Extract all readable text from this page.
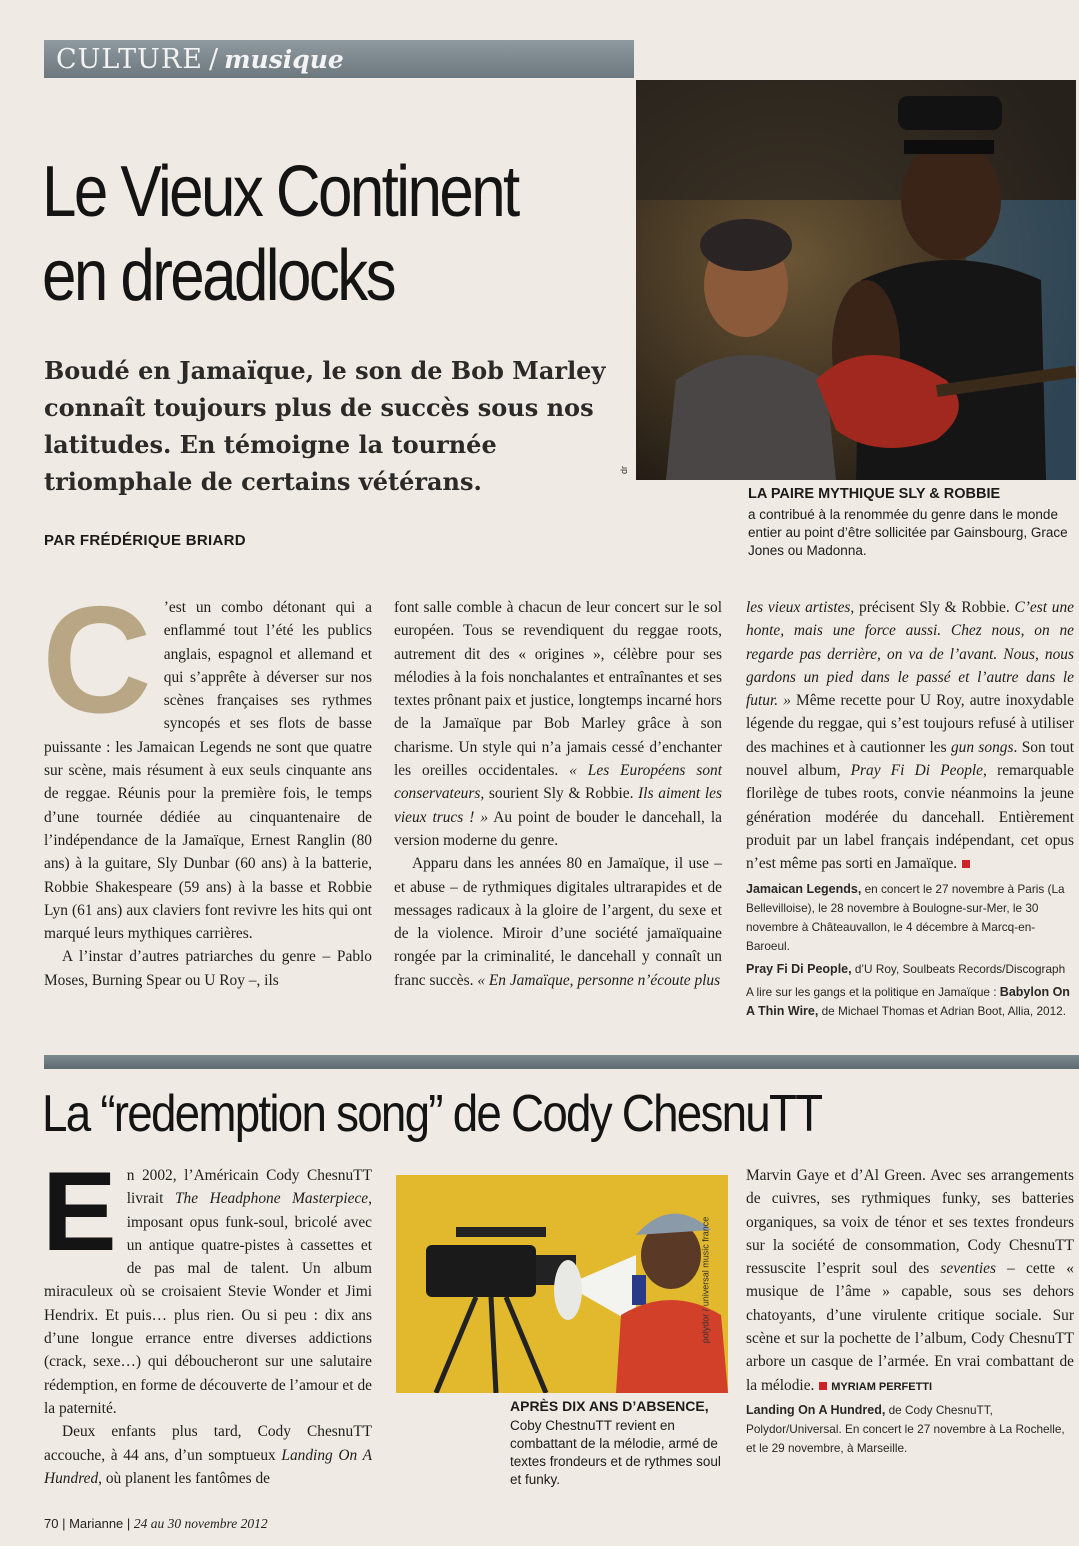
CULTURE / musique
dr
Le Vieux Continent
en dreadlocks
Boudé en Jamaïque, le son de Bob Marley connaît toujours plus de succès sous nos latitudes. En témoigne la tournée triomphale de certains vétérans.
PAR FRÉDÉRIQUE BRIARD
LA PAIRE MYTHIQUE SLY & ROBBIE
a contribué à la renommée du genre dans le monde entier au point d’être sollicitée par Gainsbourg, Grace Jones ou Madonna.

C ’est un combo détonant qui a enflammé tout l’été les publics anglais, espagnol et allemand et qui s’apprête à déverser sur nos scènes françaises ses rythmes syncopés et ses flots de basse puissante : les Jamaican Legends ne sont que quatre sur scène, mais résument à eux seuls cinquante ans de reggae. Réunis pour la première fois, le temps d’une tournée dédiée au cinquantenaire de l’indépendance de la Jamaïque, Ernest Ranglin (80 ans) à la guitare, Sly Dunbar (60 ans) à la batterie, Robbie Shakespeare (59 ans) à la basse et Robbie Lyn (61 ans) aux claviers font revivre les hits qui ont marqué leurs mythiques carrières.

A l’instar d’autres patriarches du genre – Pablo Moses, Burning Spear ou U Roy –, ils

font salle comble à chacun de leur concert sur le sol européen. Tous se revendiquent du reggae roots, autrement dit des « origines », célèbre pour ses mélodies à la fois nonchalantes et entraînantes et ses textes prônant paix et justice, longtemps incarné hors de la Jamaïque par Bob Marley grâce à son charisme. Un style qui n’a jamais cessé d’enchanter les oreilles occidentales. « Les Européens sont conservateurs, sourient Sly & Robbie. Ils aiment les vieux trucs ! » Au point de bouder le dancehall, la version moderne du genre.

Apparu dans les années 80 en Jamaïque, il use – et abuse – de rythmiques digitales ultrarapides et de messages radicaux à la gloire de l’argent, du sexe et de la violence. Miroir d’une société jamaïquaine rongée par la criminalité, le dancehall y connaît un franc succès. « En Jamaïque, personne n’écoute plus

les vieux artistes, précisent Sly & Robbie. C’est une honte, mais une force aussi. Chez nous, on ne regarde pas derrière, on va de l’avant. Nous, nous gardons un pied dans le passé et l’autre dans le futur. » Même recette pour U Roy, autre inoxydable légende du reggae, qui s’est toujours refusé à utiliser des machines et à cautionner les gun songs. Son tout nouvel album, Pray Fi Di People, remarquable florilège de tubes roots, convie néanmoins la jeune génération modérée du dancehall. Entièrement produit par un label français indépendant, cet opus n’est même pas sorti en Jamaïque.

Jamaican Legends, en concert le 27 novembre à Paris (La Bellevilloise), le 28 novembre à Boulogne-sur-Mer, le 30 novembre à Châteauvallon, le 4 décembre à Marcq-en-Baroeul.
Pray Fi Di People, d’U Roy, Soulbeats Records/Discograph
A lire sur les gangs et la politique en Jamaïque : Babylon On A Thin Wire, de Michael Thomas et Adrian Boot, Allia, 2012.
La “redemption song” de Cody ChesnuTT

En 2002, l’Américain Cody ChesnuTT livrait The Headphone Masterpiece, imposant opus funk-soul, bricolé avec un antique quatre-pistes à cassettes et de pas mal de talent. Un album miraculeux où se croisaient Stevie Wonder et Jimi Hendrix. Et puis… plus rien. Ou si peu : dix ans d’une longue errance entre diverses addictions (crack, sexe…) qui déboucheront sur une salutaire rédemption, en forme de découverte de l’amour et de la paternité.

Deux enfants plus tard, Cody ChesnuTT accouche, à 44 ans, d’un somptueux Landing On A Hundred, où planent les fantômes de

polydor / universal music france
APRÈS DIX ANS D’ABSENCE,
Coby ChestnuTT revient en combattant de la mélodie, armé de textes frondeurs et de rythmes soul et funky.

Marvin Gaye et d’Al Green. Avec ses arrangements de cuivres, ses rythmiques funky, ses batteries organiques, sa voix de ténor et ses textes frondeurs sur la société de consommation, Cody ChesnuTT ressuscite l’esprit soul des seventies – cette « musique de l’âme » capable, sous ses dehors chatoyants, d’une virulente critique sociale. Sur scène et sur la pochette de l’album, Cody ChesnuTT arbore un casque de l’armée. En vrai combattant de la mélodie. MYRIAM PERFETTI

Landing On A Hundred, de Cody ChesnuTT, Polydor/Universal. En concert le 27 novembre à La Rochelle, et le 29 novembre, à Marseille.
70 | Marianne | 24 au 30 novembre 2012
